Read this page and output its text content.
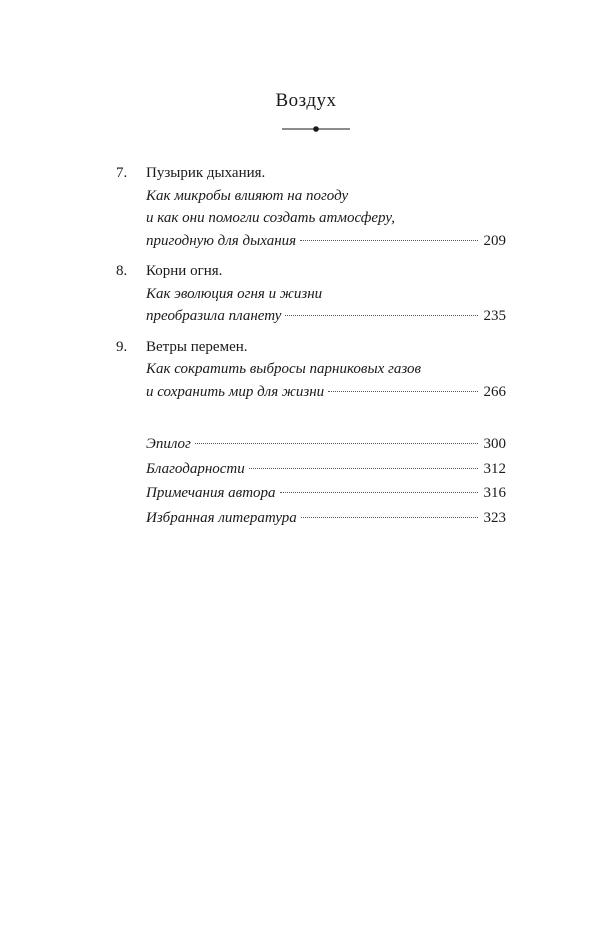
Воздух
7.	Пузырик дыхания.
Как микробы влияют на погоду
и как они помогли создать атмосферу,
пригодную для дыхания	209
8.	Корни огня.
Как эволюция огня и жизни
преобразила планету	235
9.	Ветры перемен.
Как сократить выбросы парниковых газов
и сохранить мир для жизни	266
Эпилог	300
Благодарности	312
Примечания автора	316
Избранная литература	323
